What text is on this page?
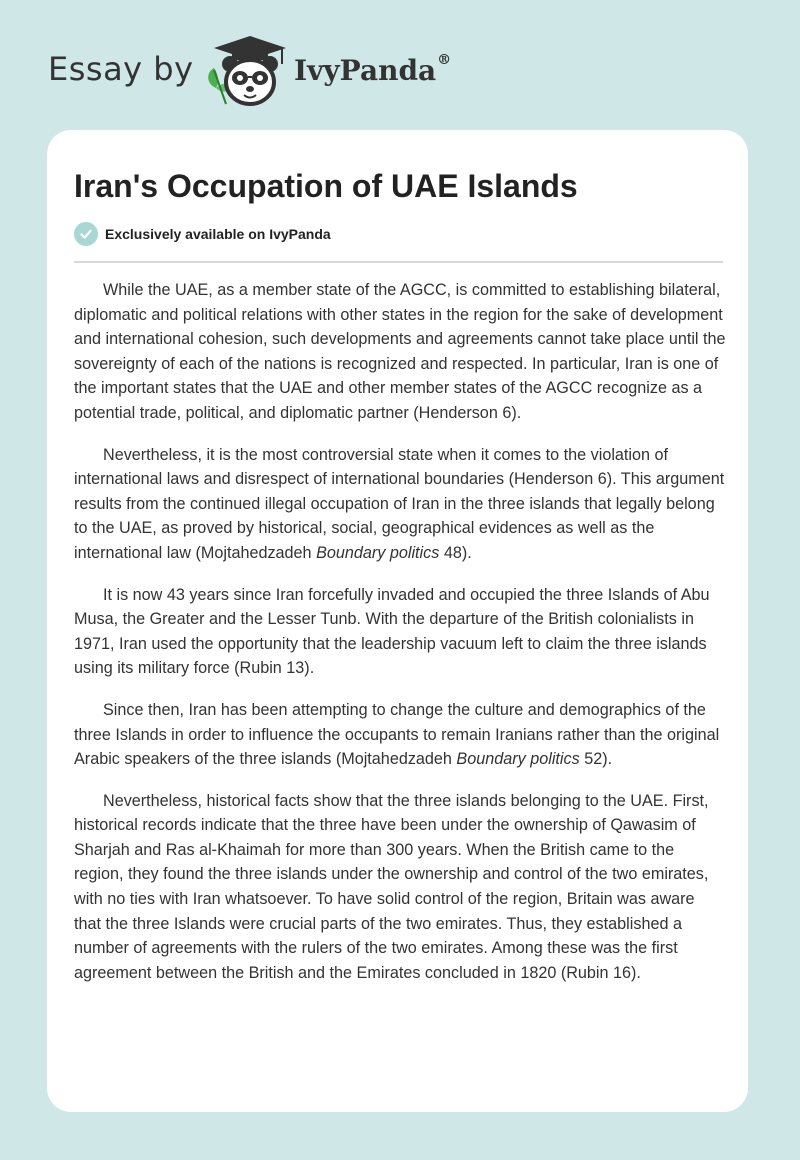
Essay by	IvyPanda®
Iran's Occupation of UAE Islands
Exclusively available on IvyPanda

While the UAE, as a member state of the AGCC, is committed to establishing bilateral, diplomatic and political relations with other states in the region for the sake of development and international cohesion, such developments and agreements cannot take place until the sovereignty of each of the nations is recognized and respected. In particular, Iran is one of the important states that the UAE and other member states of the AGCC recognize as a potential trade, political, and diplomatic partner (Henderson 6).

Nevertheless, it is the most controversial state when it comes to the violation of international laws and disrespect of international boundaries (Henderson 6). This argument results from the continued illegal occupation of Iran in the three islands that legally belong to the UAE, as proved by historical, social, geographical evidences as well as the international law (Mojtahedzadeh Boundary politics 48).

It is now 43 years since Iran forcefully invaded and occupied the three Islands of Abu Musa, the Greater and the Lesser Tunb. With the departure of the British colonialists in 1971, Iran used the opportunity that the leadership vacuum left to claim the three islands using its military force (Rubin 13).

Since then, Iran has been attempting to change the culture and demographics of the three Islands in order to influence the occupants to remain Iranians rather than the original Arabic speakers of the three islands (Mojtahedzadeh Boundary politics 52).

Nevertheless, historical facts show that the three islands belonging to the UAE. First, historical records indicate that the three have been under the ownership of Qawasim of Sharjah and Ras al-Khaimah for more than 300 years. When the British came to the region, they found the three islands under the ownership and control of the two emirates, with no ties with Iran whatsoever. To have solid control of the region, Britain was aware that the three Islands were crucial parts of the two emirates. Thus, they established a number of agreements with the rulers of the two emirates. Among these was the first agreement between the British and the Emirates concluded in 1820 (Rubin 16).
